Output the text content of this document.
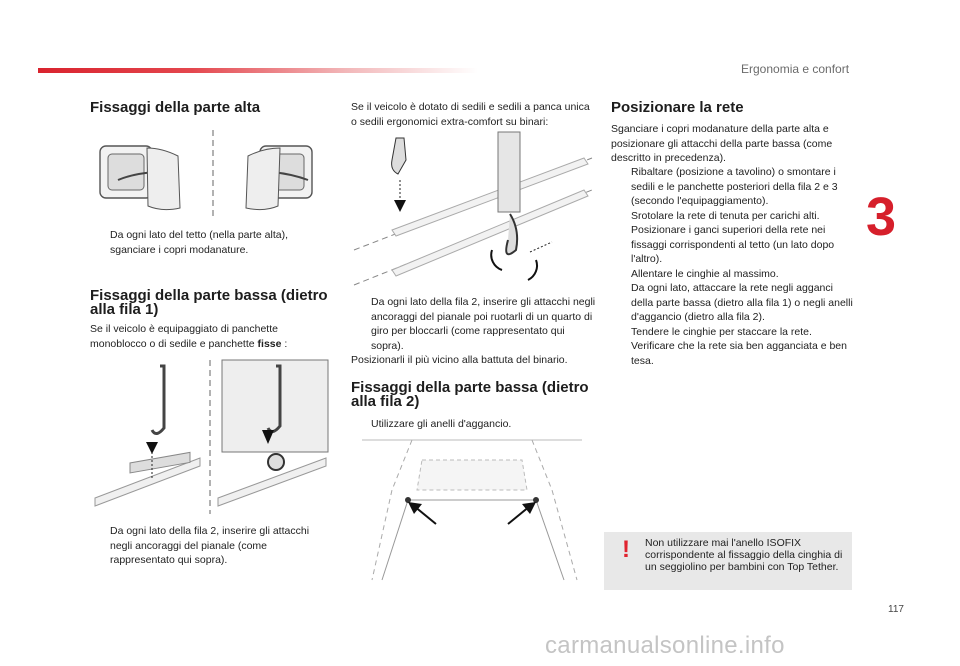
Ergonomia e confort
3
117
Fissaggi della parte alta
Da ogni lato del tetto (nella parte alta), sganciare i copri modanature.
Fissaggi della parte bassa (dietro alla fila 1)
Se il veicolo è equipaggiato di panchette monoblocco o di sedile e panchette fisse :
Da ogni lato della fila 2, inserire gli attacchi negli ancoraggi del pianale (come rappresentato qui sopra).
Se il veicolo è dotato di sedili e sedili a panca unica o sedili ergonomici extra-comfort su binari:
Da ogni lato della fila 2, inserire gli attacchi negli ancoraggi del pianale poi ruotarli di un quarto di giro per bloccarli (come rappresentato qui sopra).
Posizionarli il più vicino alla battuta del binario.
Fissaggi della parte bassa (dietro alla fila 2)
Utilizzare gli anelli d'aggancio.
Posizionare la rete
Sganciare i copri modanature della parte alta e posizionare gli attacchi della parte bassa (come descritto in precedenza).
Ribaltare (posizione a tavolino) o smontare i sedili e le panchette posteriori della fila 2 e 3 (secondo l'equipaggiamento).
Srotolare la rete di tenuta per carichi alti.
Posizionare i ganci superiori della rete nei fissaggi corrispondenti al tetto (un lato dopo l'altro).
Allentare le cinghie al massimo.
Da ogni lato, attaccare la rete negli agganci della parte bassa (dietro alla fila 1) o negli anelli d'aggancio (dietro alla fila 2).
Tendere le cinghie per staccare la rete.
Verificare che la rete sia ben agganciata e ben tesa.
! Non utilizzare mai l'anello ISOFIX corrispondente al fissaggio della cinghia di un seggiolino per bambini con Top Tether.
carmanualsonline.info
